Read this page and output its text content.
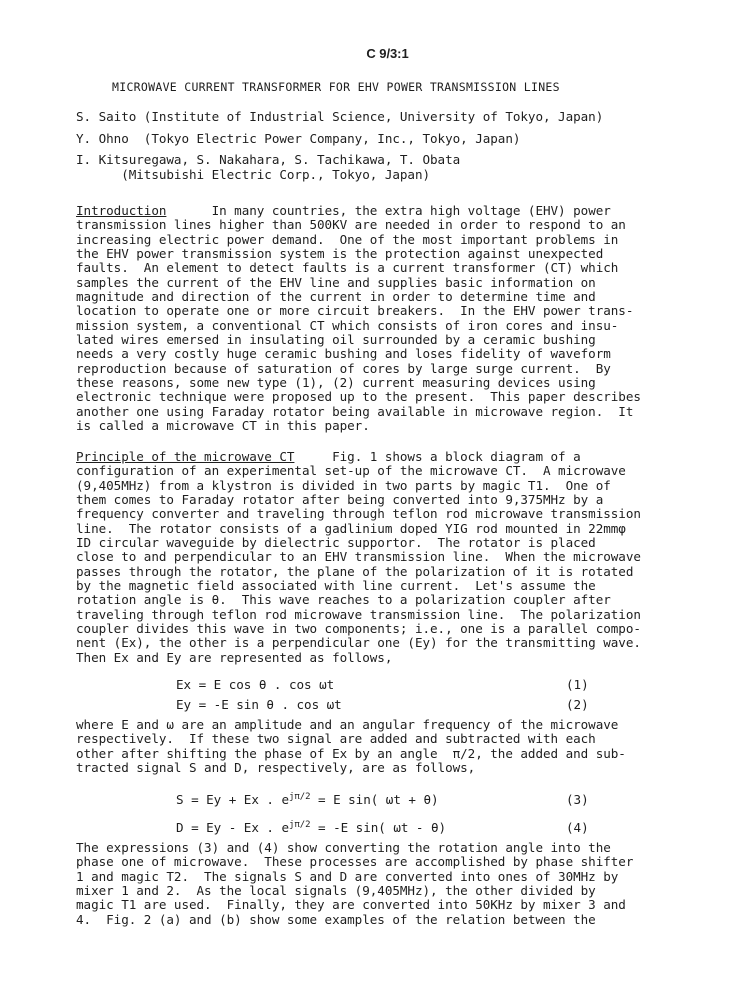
C 9/3:1
MICROWAVE CURRENT TRANSFORMER FOR EHV POWER TRANSMISSION LINES
S. Saito (Institute of Industrial Science, University of Tokyo, Japan)
Y. Ohno  (Tokyo Electric Power Company, Inc., Tokyo, Japan)
I. Kitsuregawa, S. Nakahara, S. Tachikawa, T. Obata
(Mitsubishi Electric Corp., Tokyo, Japan)
Introduction      In many countries, the extra high voltage (EHV) power
transmission lines higher than 500KV are needed in order to respond to an
increasing electric power demand.  One of the most important problems in
the EHV power transmission system is the protection against unexpected
faults.  An element to detect faults is a current transformer (CT) which
samples the current of the EHV line and supplies basic information on
magnitude and direction of the current in order to determine time and
location to operate one or more circuit breakers.  In the EHV power trans-
mission system, a conventional CT which consists of iron cores and insu-
lated wires emersed in insulating oil surrounded by a ceramic bushing
needs a very costly huge ceramic bushing and loses fidelity of waveform
reproduction because of saturation of cores by large surge current.  By
these reasons, some new type (1), (2) current measuring devices using
electronic technique were proposed up to the present.  This paper describes
another one using Faraday rotator being available in microwave region.  It
is called a microwave CT in this paper.
Principle of the microwave CT     Fig. 1 shows a block diagram of a
configuration of an experimental set-up of the microwave CT.  A microwave
(9,405MHz) from a klystron is divided in two parts by magic T1.  One of
them comes to Faraday rotator after being converted into 9,375MHz by a
frequency converter and traveling through teflon rod microwave transmission
line.  The rotator consists of a gadlinium doped YIG rod mounted in 22mmφ
ID circular waveguide by dielectric supportor.  The rotator is placed
close to and perpendicular to an EHV transmission line.  When the microwave
passes through the rotator, the plane of the polarization of it is rotated
by the magnetic field associated with line current.  Let's assume the
rotation angle is θ.  This wave reaches to a polarization coupler after
traveling through teflon rod microwave transmission line.  The polarization
coupler divides this wave in two components; i.e., one is a parallel compo-
nent (Ex), the other is a perpendicular one (Ey) for the transmitting wave.
Then Ex and Ey are represented as follows,
Ex = E cos θ . cos ωt	(1)
Ey = -E sin θ . cos ωt	(2)
where E and ω are an amplitude and an angular frequency of the microwave
respectively.  If these two signal are added and subtracted with each
other after shifting the phase of Ex by an angle  π/2, the added and sub-
tracted signal S and D, respectively, are as follows,
S = Ey + Ex . $e^{j\pi/2} = E$ sin( ωt + θ)	(3)
D = Ey - Ex . $e^{j\pi/2} = -E$ sin( ωt - θ)	(4)
The expressions (3) and (4) show converting the rotation angle into the
phase one of microwave.  These processes are accomplished by phase shifter
1 and magic T2.  The signals S and D are converted into ones of 30MHz by
mixer 1 and 2.  As the local signals (9,405MHz), the other divided by
magic T1 are used.  Finally, they are converted into 50KHz by mixer 3 and
4.  Fig. 2 (a) and (b) show some examples of the relation between the
